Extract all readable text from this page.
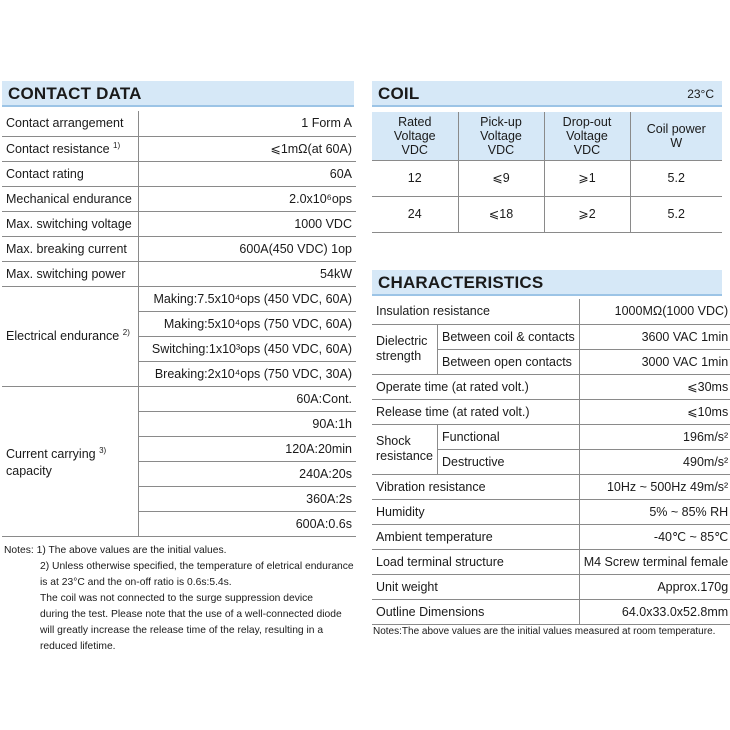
CONTACT DATA
Contact arrangement	1 Form A
Contact resistance $^{1)}$	⩽1mΩ(at 60A)
Contact rating	60A
Mechanical endurance	2.0x10⁶ops
Max. switching voltage	1000 VDC
Max. breaking current	600A(450 VDC) 1op
Max. switching power	54kW
Electrical endurance $^{2)}$	Making:7.5x10⁴ops (450 VDC, 60A)
	Making:5x10⁴ops (750 VDC, 60A)
	Switching:1x10³ops (450 VDC, 60A)
	Breaking:2x10⁴ops (750 VDC, 30A)
Current carrying $^{3)}$
capacity	60A:Cont.
	90A:1h
	120A:20min
	240A:20s
	360A:2s
	600A:0.6s
Notes: 1) The above values are the initial values.
2) Unless otherwise specified, the temperature of eletrical endurance
is at 23°C and the on-off ratio is 0.6s:5.4s.
The coil was not connected to the surge suppression device
during the test. Please note that the use of a well-connected diode
will greatly increase the release time of the relay, resulting in a
reduced lifetime.
COIL	23°C
Rated
Voltage
VDC	Pick-up
Voltage
VDC	Drop-out
Voltage
VDC	Coil power
W
12	⩽9	⩾1	5.2
24	⩽18	⩾2	5.2
CHARACTERISTICS
Insulation resistance		1000MΩ(1000 VDC)
Dielectric
strength	Between coil & contacts	3600 VAC 1min
	Between open contacts	3000 VAC 1min
Operate time (at rated volt.)		⩽30ms
Release time (at rated volt.)		⩽10ms
Shock
resistance	Functional	196m/s²
	Destructive	490m/s²
Vibration resistance		10Hz ~ 500Hz 49m/s²
Humidity		5% ~ 85% RH
Ambient temperature		-40℃ ~ 85℃
Load terminal structure		M4 Screw terminal female
Unit weight		Approx.170g
Outline Dimensions		64.0x33.0x52.8mm
Notes:The above values are the initial values measured at room temperature.
